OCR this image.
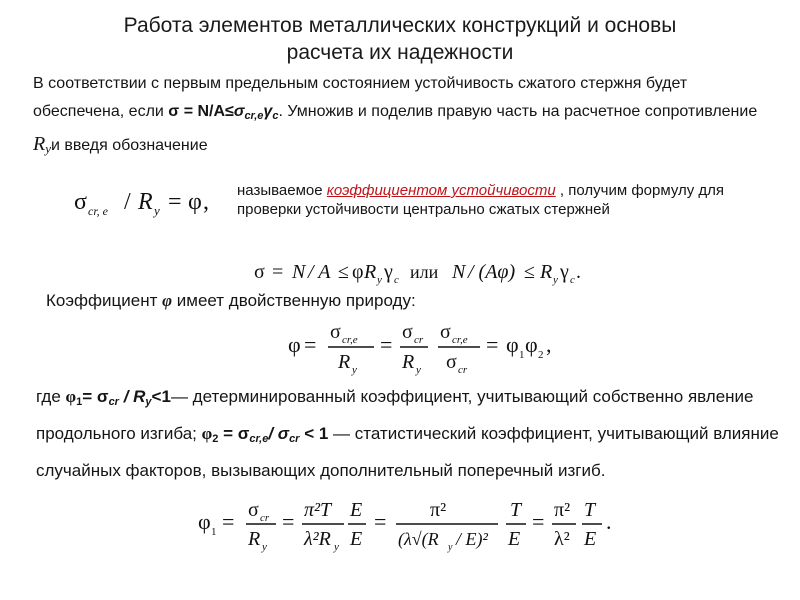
Работа элементов металлических конструкций и основы
расчета их надежности
В соответствии с первым предельным состоянием устойчивость сжатого стержня будет обеспечена, если $\sigma = N/A\le\sigma_{cr,e}\gamma_c$. Умножив и поделив правую часть на расчетное сопротивление $R_yи$ введя обозначение
σ cr, e / R y = φ , называемое коэффициентом устойчивости , получим формулу для проверки устойчивости центрально сжатых стержней
σ = N / A ≤ φ R y γ c или N / (Aφ) ≤ R y γ c .
Коэффициент φ имеет двойственную природу:
φ = σ cr,e
R y
= σ cr
R y
σ cr,e
σ cr
= φ 1 φ 2 ,
где $\varphi_1= \sigma_{cr}$ / $R_y<1—$ детерминированный коэффициент, учитывающий собственно явление продольного изгиба; $\varphi_2 = \sigma_{cr,e}/$ $\sigma_{cr} < 1$ — статистический коэффициент, учитывающий влияние случайных факторов, вызывающих дополнительный поперечный изгиб.
φ 1 = σ cr
R y
= π²T
λ²R y
E
E
= π²
(λ√(R y / E)²
T
E
= π²
λ²
T
E
.
